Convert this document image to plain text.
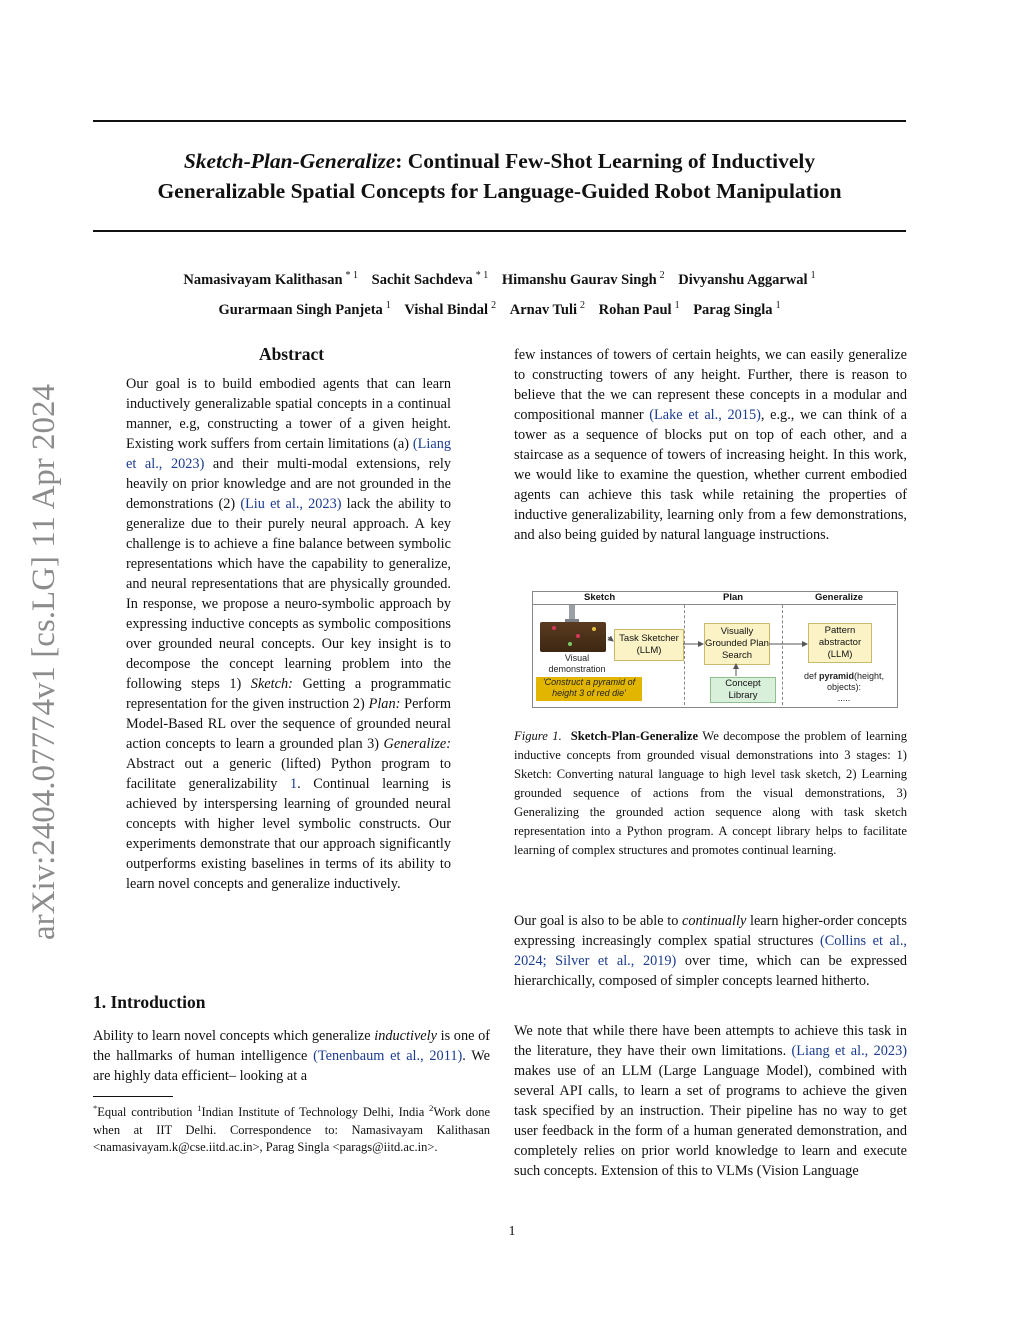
Sketch-Plan-Generalize: Continual Few-Shot Learning of Inductively
Generalizable Spatial Concepts for Language-Guided Robot Manipulation
Namasivayam Kalithasan $^{* 1}$ Sachit Sachdeva $^{* 1}$ Himanshu Gaurav Singh $^2$ Divyanshu Aggarwal $^1$
Gurarmaan Singh Panjeta $^1$ Vishal Bindal $^2$ Arnav Tuli $^2$ Rohan Paul $^1$ Parag Singla $^1$
arXiv:2404.07774v1 [cs.LG] 11 Apr 2024
Abstract

Our goal is to build embodied agents that can learn inductively generalizable spatial concepts in a continual manner, e.g, constructing a tower of a given height. Existing work suffers from certain limitations (a) (Liang et al., 2023) and their multi-modal extensions, rely heavily on prior knowledge and are not grounded in the demonstrations (2) (Liu et al., 2023) lack the ability to generalize due to their purely neural approach. A key challenge is to achieve a fine balance between symbolic representations which have the capability to generalize, and neural representations that are physically grounded. In response, we propose a neuro-symbolic approach by expressing inductive concepts as symbolic compositions over grounded neural concepts. Our key insight is to decompose the concept learning problem into the following steps 1) Sketch: Getting a programmatic representation for the given instruction 2) Plan: Perform Model-Based RL over the sequence of grounded neural action concepts to learn a grounded plan 3) Generalize: Abstract out a generic (lifted) Python program to facilitate generalizability 1. Continual learning is achieved by interspersing learning of grounded neural concepts with higher level symbolic constructs. Our experiments demonstrate that our approach significantly outperforms existing baselines in terms of its ability to learn novel concepts and generalize inductively.

1. Introduction

Ability to learn novel concepts which generalize inductively is one of the hallmarks of human intelligence (Tenenbaum et al., 2011). We are highly data efficient– looking at a

*Equal contribution $^1$Indian Institute of Technology Delhi, India $^2$Work done when at IIT Delhi. Correspondence to: Namasivayam Kalithasan <namasivayam.k@cse.iitd.ac.in>, Parag Singla <parags@iitd.ac.in>.

few instances of towers of certain heights, we can easily generalize to constructing towers of any height. Further, there is reason to believe that the we can represent these concepts in a modular and compositional manner (Lake et al., 2015), e.g., we can think of a tower as a sequence of blocks put on top of each other, and a staircase as a sequence of towers of increasing height. In this work, we would like to examine the question, whether current embodied agents can achieve this task while retaining the properties of inductive generalizability, learning only from a few demonstrations, and also being guided by natural language instructions.

Sketch	Plan	Generalize
Visual demonstration
'Construct a pyramid of height 3 of red die'
Task Sketcher (LLM)
Visually Grounded Plan Search
Concept Library
Pattern abstractor (LLM)
def pyramid(height, objects):
.....
Figure 1. Sketch-Plan-Generalize We decompose the problem of learning inductive concepts from grounded visual demonstrations into 3 stages: 1) Sketch: Converting natural language to high level task sketch, 2) Learning grounded sequence of actions from the visual demonstrations, 3) Generalizing the grounded action sequence along with task sketch representation into a Python program. A concept library helps to facilitate learning of complex structures and promotes continual learning.

Our goal is also to be able to continually learn higher-order concepts expressing increasingly complex spatial structures (Collins et al., 2024; Silver et al., 2019) over time, which can be expressed hierarchically, composed of simpler concepts learned hitherto.

We note that while there have been attempts to achieve this task in the literature, they have their own limitations. (Liang et al., 2023) makes use of an LLM (Large Language Model), combined with several API calls, to learn a set of programs to achieve the given task specified by an instruction. Their pipeline has no way to get user feedback in the form of a human generated demonstration, and completely relies on prior world knowledge to learn and execute such concepts. Extension of this to VLMs (Vision Language

1
